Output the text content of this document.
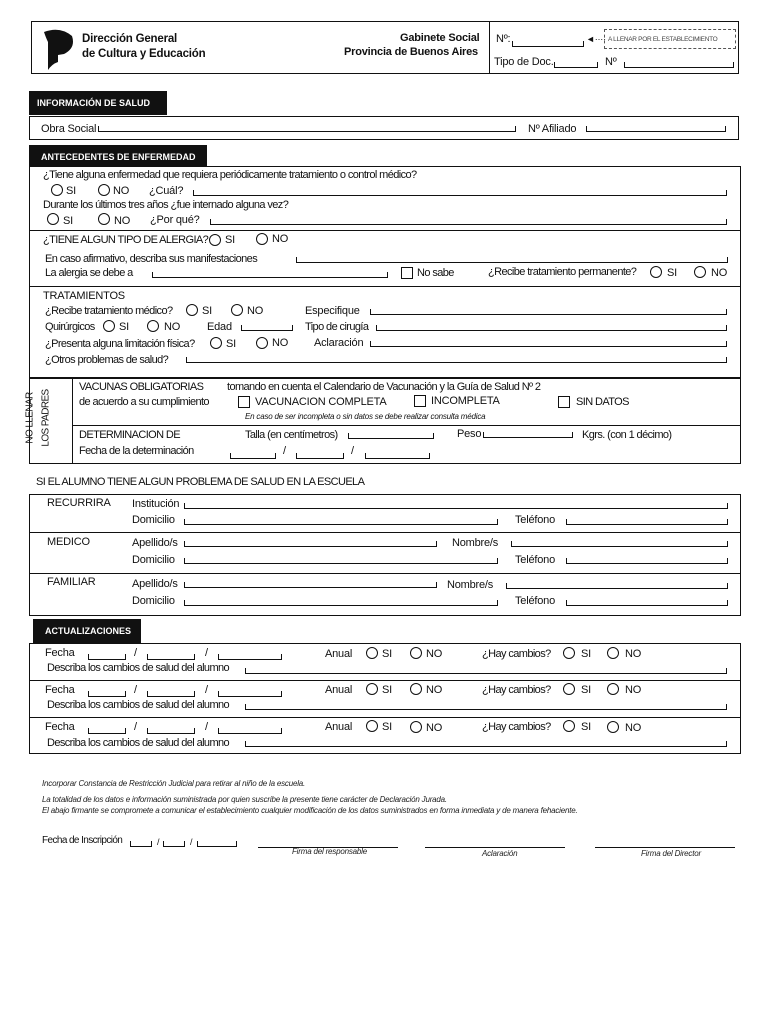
Dirección General
de Cultura y Educación
Gabinete Social
Provincia de Buenos Aires
Nº:	◄···· A LLENAR POR EL ESTABLECIMIENTO
Tipo de Doc.	Nº
INFORMACIÓN DE SALUD
Obra Social	Nº Afiliado
ANTECEDENTES DE ENFERMEDAD
¿Tiene alguna enfermedad que requiera periódicamente tratamiento o control médico?
SI	NO ¿Cuál?
Durante los últimos tres años ¿fue internado alguna vez?
SI	NO ¿Por qué?
¿TIENE ALGUN TIPO DE ALERGIA? SI	NO
En caso afirmativo, describa sus manifestaciones
La alergia se debe a	No sabe	¿Recibe tratamiento permanente?	SI	NO
TRATAMIENTOS
¿Recibe tratamiento médico?	SI	NO	Especifique
Quirúrgicos SI	NO Edad	Tipo de cirugía
¿Presenta alguna limitación física?	SI	NO Aclaración
¿Otros problemas de salud?
NO LLENAR LOS PADRES
VACUNAS OBLIGATORIAS tomando en cuenta el Calendario de Vacunación y la Guía de Salud Nº 2
de acuerdo a su cumplimiento	VACUNACION COMPLETA	INCOMPLETA	SIN DATOS
En caso de ser incompleta o sin datos se debe realizar consulta médica
DETERMINACION DE	Talla (en centímetros)	Peso	Kgrs. (con 1 décimo)
Fecha de la determinación	/	/
SI EL ALUMNO TIENE ALGUN PROBLEMA DE SALUD EN LA ESCUELA
RECURRIRA Institución
Domicilio	Teléfono
MEDICO	Apellido/s	Nombre/s
Domicilio	Teléfono
FAMILIAR	Apellido/s	Nombre/s
Domicilio	Teléfono
ACTUALIZACIONES
Fecha	/	/	Anual	SI	NO	¿Hay cambios?	SI	NO
Describa los cambios de salud del alumno
Fecha	/	/	Anual	SI	NO	¿Hay cambios?	SI	NO
Describa los cambios de salud del alumno
Fecha	/	/	Anual	SI	NO	¿Hay cambios?	SI	NO
Describa los cambios de salud del alumno
Incorporar Constancia de Restricción Judicial para retirar al niño de la escuela.
La totalidad de los datos e información suministrada por quien suscribe la presente tiene carácter de Declaración Jurada.
El abajo firmante se compromete a comunicar el establecimiento cualquier modificación de los datos suministrados en forma inmediata y de manera fehaciente.
Fecha de Inscripción	/	/
Firma del responsable	Aclaración	Firma del Director
